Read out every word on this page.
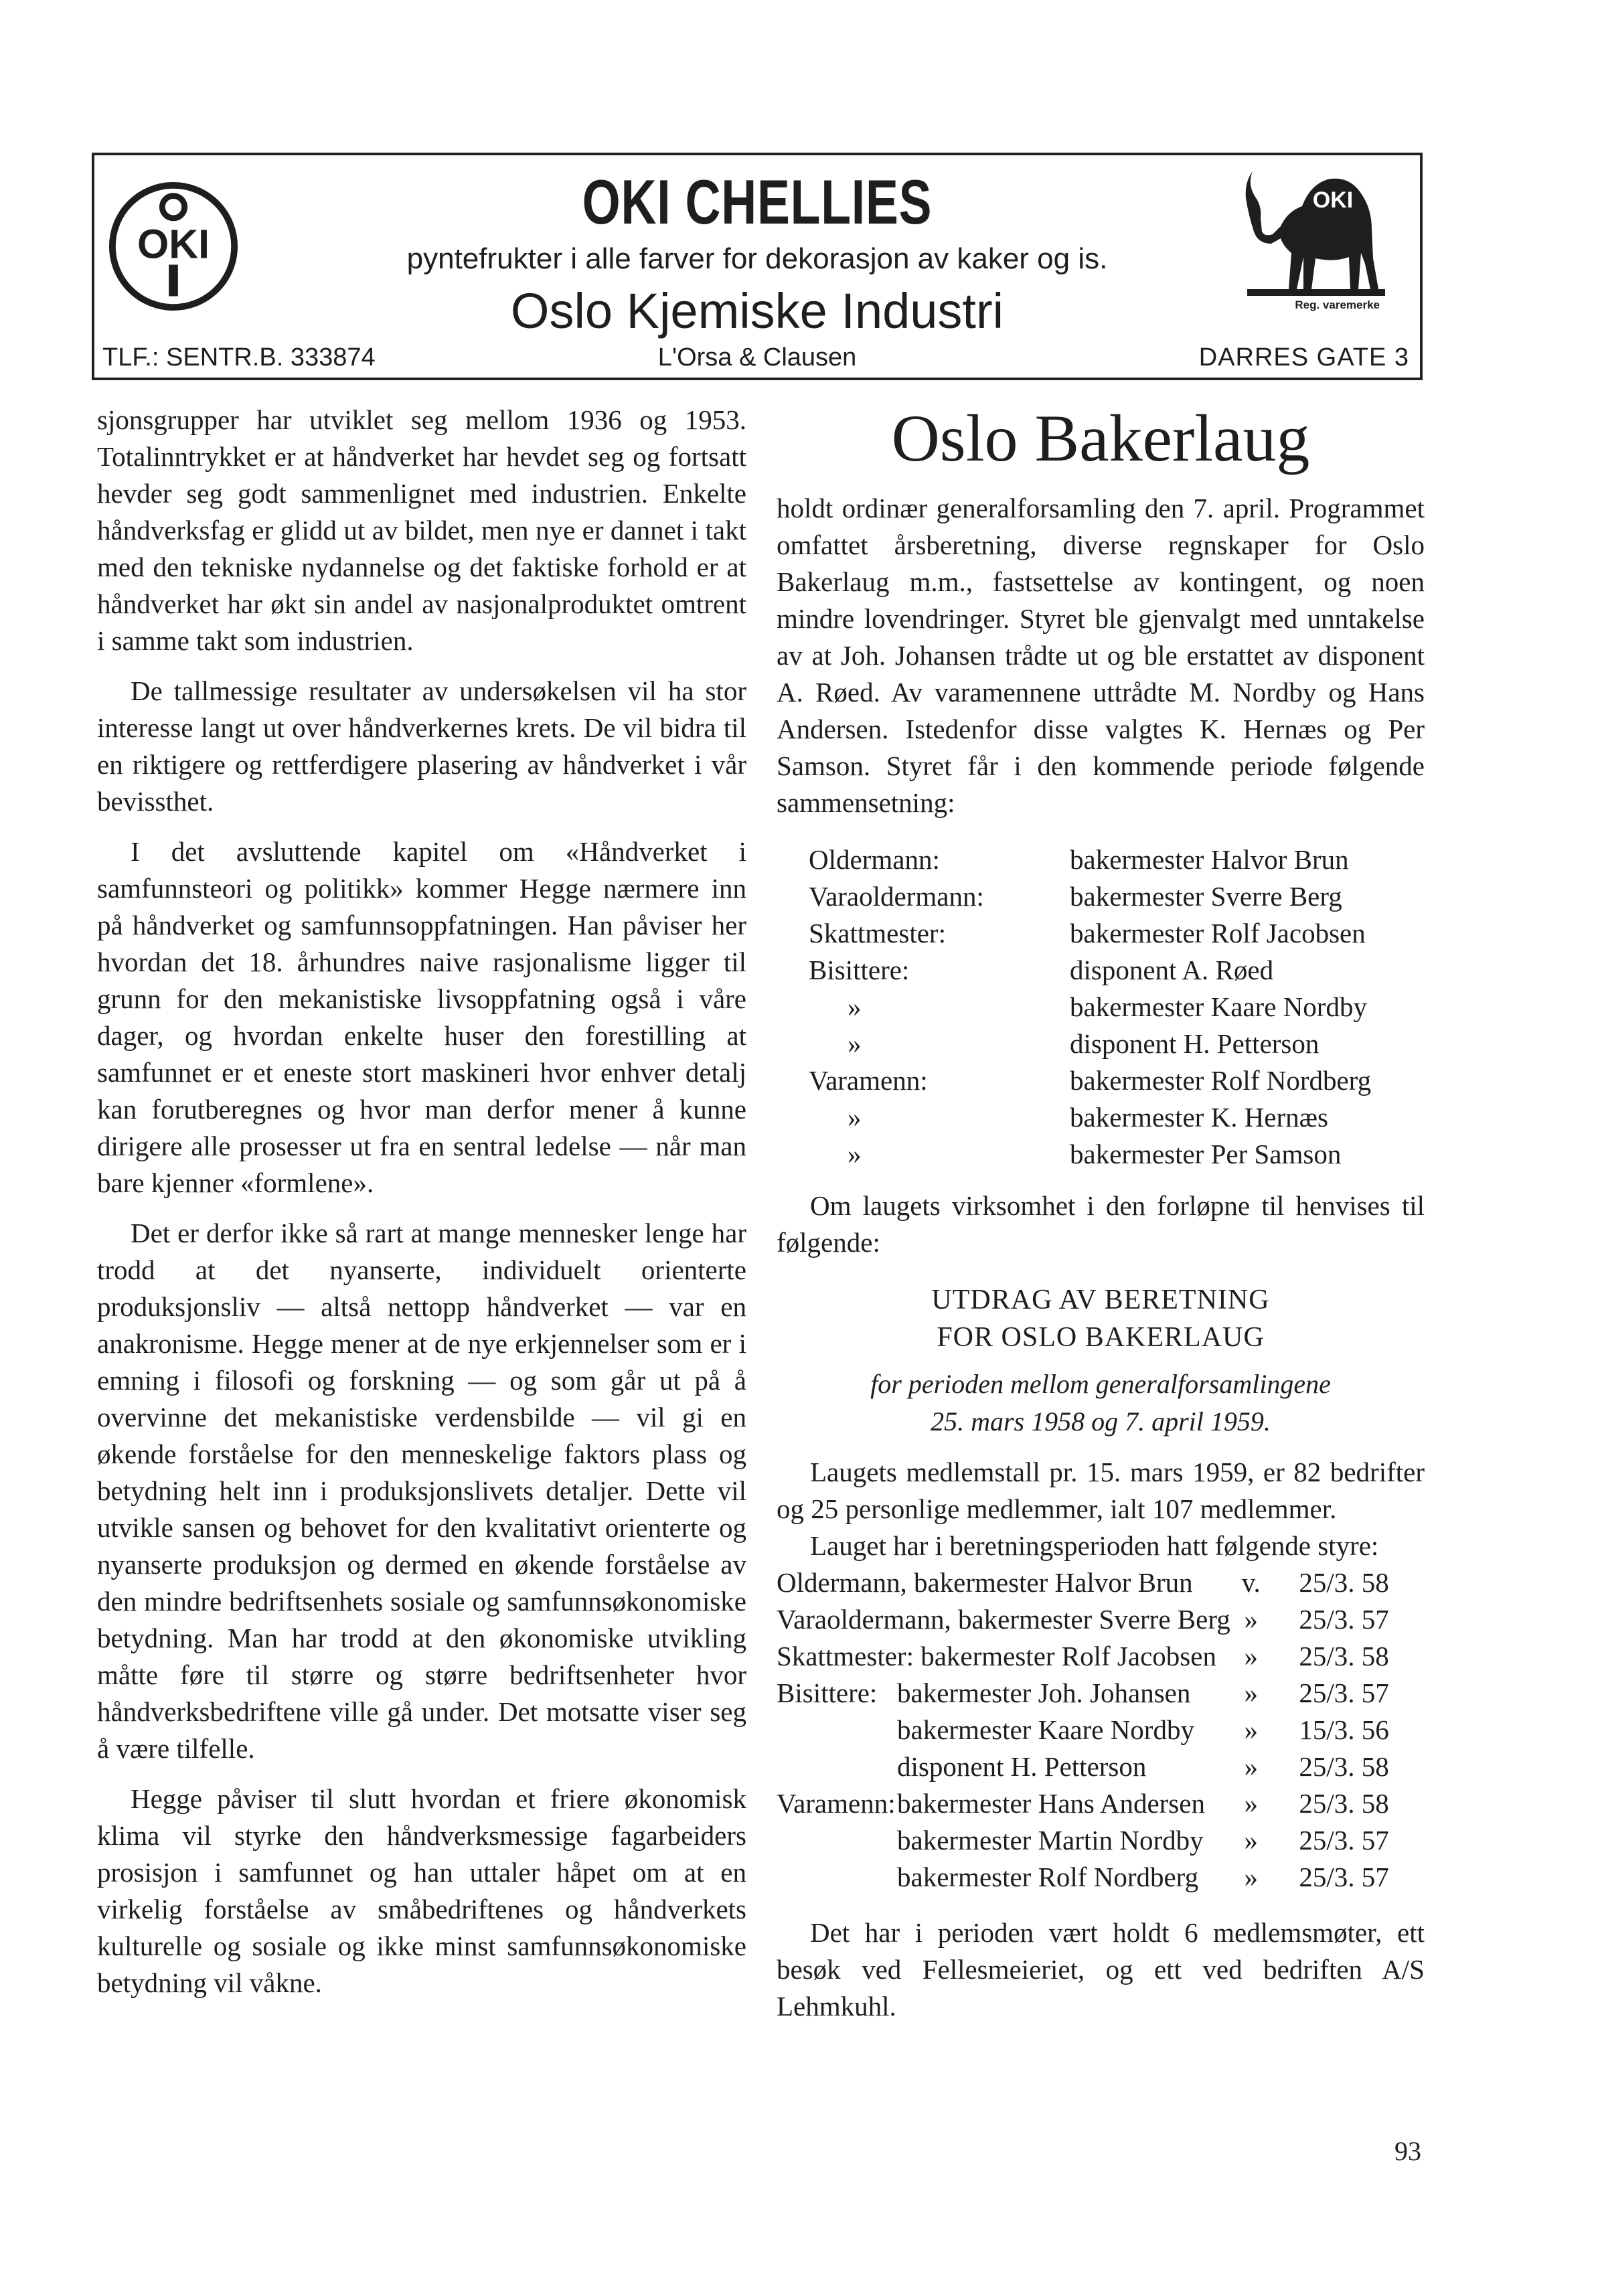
OKI
OKI CHELLIES
pyntefrukter i alle farver for dekorasjon av kaker og is.
Oslo Kjemiske Industri
TLF.: SENTR.B. 333874	L'Orsa & Clausen	DARRES GATE 3
OKI
Reg. varemerke

sjonsgrupper har utviklet seg mellom 1936 og 1953. Totalinntrykket er at håndverket har hevdet seg og fortsatt hevder seg godt sammenlignet med industrien. Enkelte håndverksfag er glidd ut av bildet, men nye er dannet i takt med den tekniske nydannelse og det faktiske forhold er at håndverket har økt sin andel av nasjonalproduktet omtrent i samme takt som industrien.

De tallmessige resultater av undersøkelsen vil ha stor interesse langt ut over håndverkernes krets. De vil bidra til en riktigere og rettferdigere plasering av håndverket i vår bevissthet.

I det avsluttende kapitel om «Håndverket i samfunnsteori og politikk» kommer Hegge nærmere inn på håndverket og samfunnsoppfatningen. Han påviser her hvordan det 18. århundres naive rasjonalisme ligger til grunn for den mekanistiske livsoppfatning også i våre dager, og hvordan enkelte huser den forestilling at samfunnet er et eneste stort maskineri hvor enhver detalj kan forutberegnes og hvor man derfor mener å kunne dirigere alle prosesser ut fra en sentral ledelse — når man bare kjenner «formlene».

Det er derfor ikke så rart at mange mennesker lenge har trodd at det nyanserte, individuelt orienterte produksjonsliv — altså nettopp håndverket — var en anakronisme. Hegge mener at de nye erkjennelser som er i emning i filosofi og forskning — og som går ut på å overvinne det mekanistiske verdensbilde — vil gi en økende forståelse for den menneskelige faktors plass og betydning helt inn i produksjonslivets detaljer. Dette vil utvikle sansen og behovet for den kvalitativt orienterte og nyanserte produksjon og dermed en økende forståelse av den mindre bedriftsenhets sosiale og samfunnsøkonomiske betydning. Man har trodd at den økonomiske utvikling måtte føre til større og større bedriftsenheter hvor håndverksbedriftene ville gå under. Det motsatte viser seg å være tilfelle.

Hegge påviser til slutt hvordan et friere økonomisk klima vil styrke den håndverksmessige fagarbeiders prosisjon i samfunnet og han uttaler håpet om at en virkelig forståelse av småbedriftenes og håndverkets kulturelle og sosiale og ikke minst samfunnsøkonomiske betydning vil våkne.

Oslo Bakerlaug

holdt ordinær generalforsamling den 7. april. Programmet omfattet årsberetning, diverse regnskaper for Oslo Bakerlaug m.m., fastsettelse av kontingent, og noen mindre lovendringer. Styret ble gjenvalgt med unntakelse av at Joh. Johansen trådte ut og ble erstattet av disponent A. Røed. Av varamennene uttrådte M. Nordby og Hans Andersen. Istedenfor disse valgtes K. Hernæs og Per Samson. Styret får i den kommende periode følgende sammensetning:

Oldermann:	bakermester Halvor Brun
Varaoldermann:	bakermester Sverre Berg
Skattmester:	bakermester Rolf Jacobsen
Bisittere:	disponent A. Røed
»	bakermester Kaare Nordby
»	disponent H. Petterson
Varamenn:	bakermester Rolf Nordberg
»	bakermester K. Hernæs
»	bakermester Per Samson

Om laugets virksomhet i den forløpne til henvises til følgende:

UTDRAG AV BERETNING
FOR OSLO BAKERLAUG
for perioden mellom generalforsamlingene
25. mars 1958 og 7. april 1959.

Laugets medlemstall pr. 15. mars 1959, er 82 bedrifter og 25 personlige medlemmer, ialt 107 medlemmer.

Lauget har i beretningsperioden hatt følgende styre:

Oldermann, bakermester Halvor Brun		v.	25/3. 58
Varaoldermann, bakermester Sverre Berg		»	25/3. 57
Skattmester: bakermester Rolf Jacobsen		»	25/3. 58
Bisittere:	bakermester Joh. Johansen	»	25/3. 57
	bakermester Kaare Nordby	»	15/3. 56
	disponent H. Petterson	»	25/3. 58
Varamenn:	bakermester Hans Andersen	»	25/3. 58
	bakermester Martin Nordby	»	25/3. 57
	bakermester Rolf Nordberg	»	25/3. 57

Det har i perioden vært holdt 6 medlemsmøter, ett besøk ved Fellesmeieriet, og ett ved bedriften A/S Lehmkuhl.

93
